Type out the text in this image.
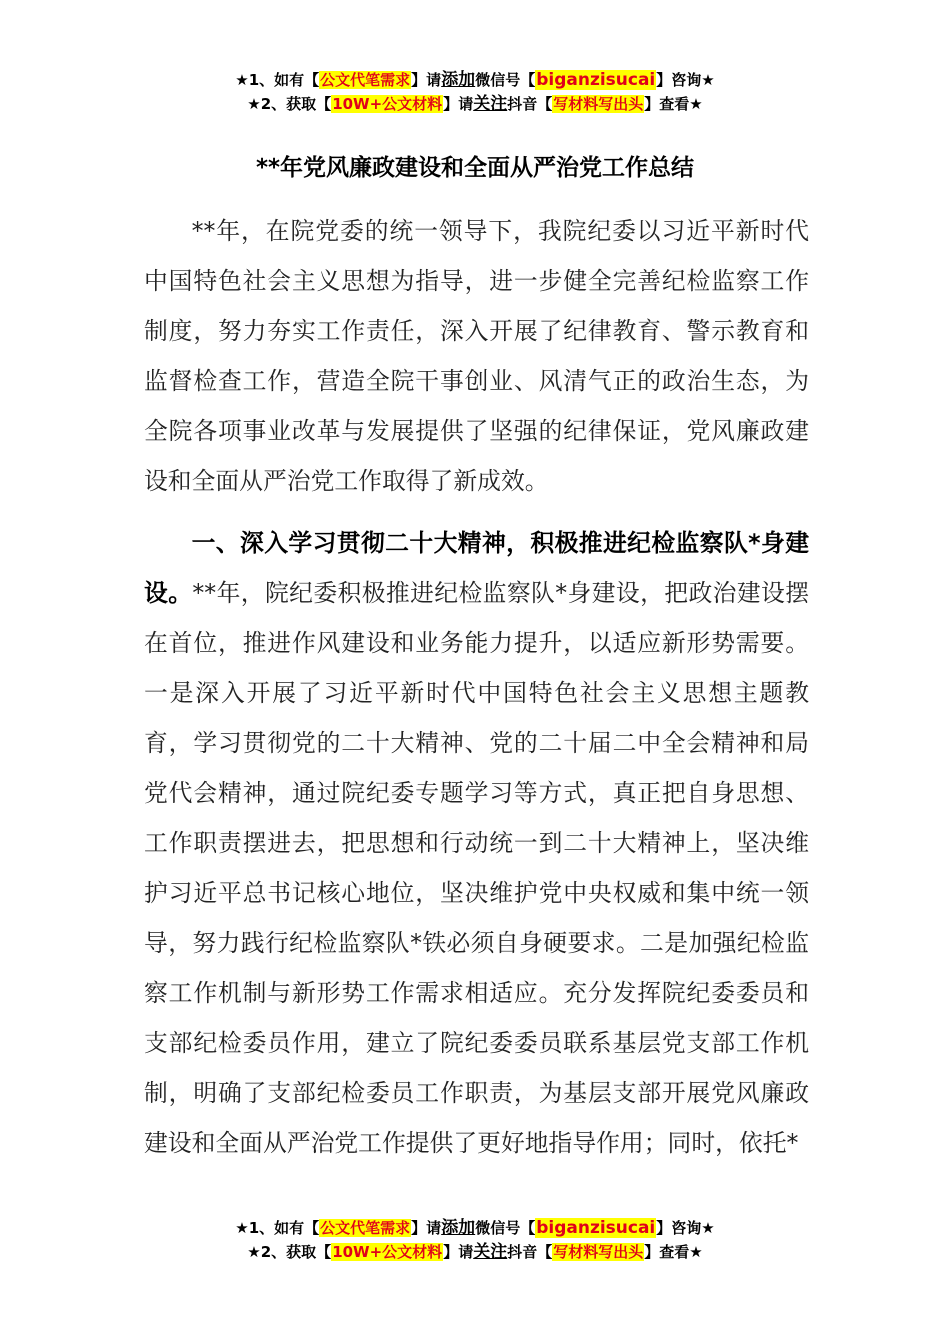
★1、如有【公文代笔需求】请添加微信号【biganzisucai】咨询★
★2、获取【10W+公文材料】请关注抖音【写材料写出头】查看★
**年党风廉政建设和全面从严治党工作总结

**年，在院党委的统一领导下，我院纪委以习近平新时代中国特色社会主义思想为指导，进一步健全完善纪检监察工作制度，努力夯实工作责任，深入开展了纪律教育、警示教育和监督检查工作，营造全院干事创业、风清气正的政治生态，为全院各项事业改革与发展提供了坚强的纪律保证，党风廉政建设和全面从严治党工作取得了新成效。

一、深入学习贯彻二十大精神，积极推进纪检监察队*身建设。**年，院纪委积极推进纪检监察队*身建设，把政治建设摆在首位，推进作风建设和业务能力提升，以适应新形势需要。一是深入开展了习近平新时代中国特色社会主义思想主题教育，学习贯彻党的二十大精神、党的二十届二中全会精神和局党代会精神，通过院纪委专题学习等方式，真正把自身思想、工作职责摆进去，把思想和行动统一到二十大精神上，坚决维护习近平总书记核心地位，坚决维护党中央权威和集中统一领导，努力践行纪检监察队*铁必须自身硬要求。二是加强纪检监察工作机制与新形势工作需求相适应。充分发挥院纪委委员和支部纪检委员作用，建立了院纪委委员联系基层党支部工作机制，明确了支部纪检委员工作职责，为基层支部开展党风廉政建设和全面从严治党工作提供了更好地指导作用；同时，依托*

★1、如有【公文代笔需求】请添加微信号【biganzisucai】咨询★
★2、获取【10W+公文材料】请关注抖音【写材料写出头】查看★
